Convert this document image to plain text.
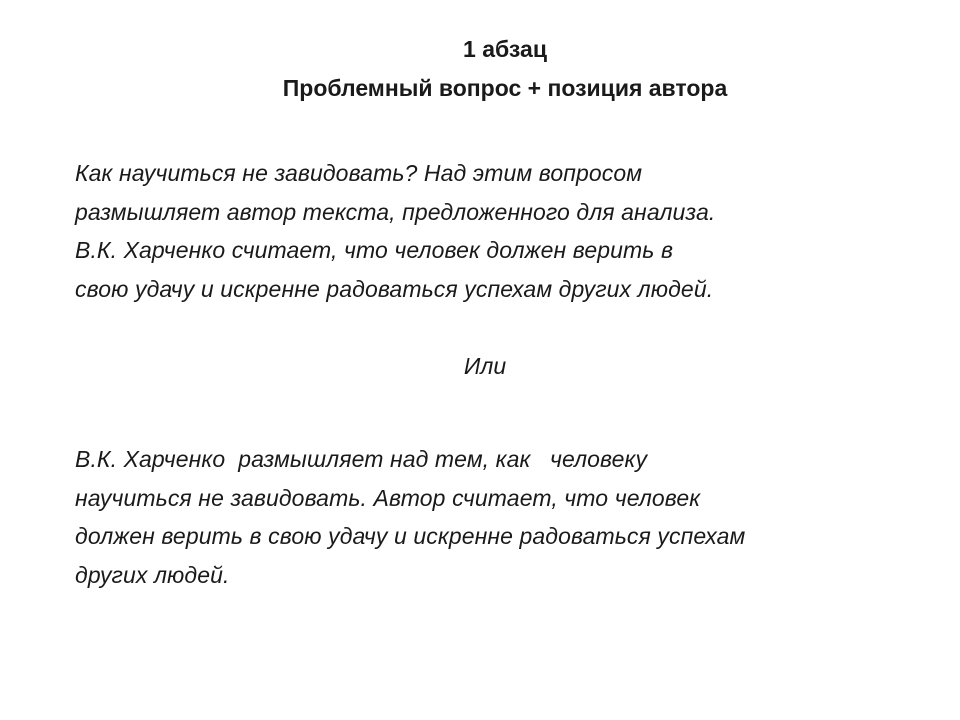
1 абзац
Проблемный вопрос + позиция автора
Как научиться не завидовать? Над этим вопросом
размышляет автор текста, предложенного для анализа.
В.К. Харченко считает, что человек должен верить в
свою удачу и искренне радоваться успехам других людей.
Или
В.К. Харченко  размышляет над тем, как   человеку
научиться не завидовать. Автор считает, что человек
должен верить в свою удачу и искренне радоваться успехам
других людей.
